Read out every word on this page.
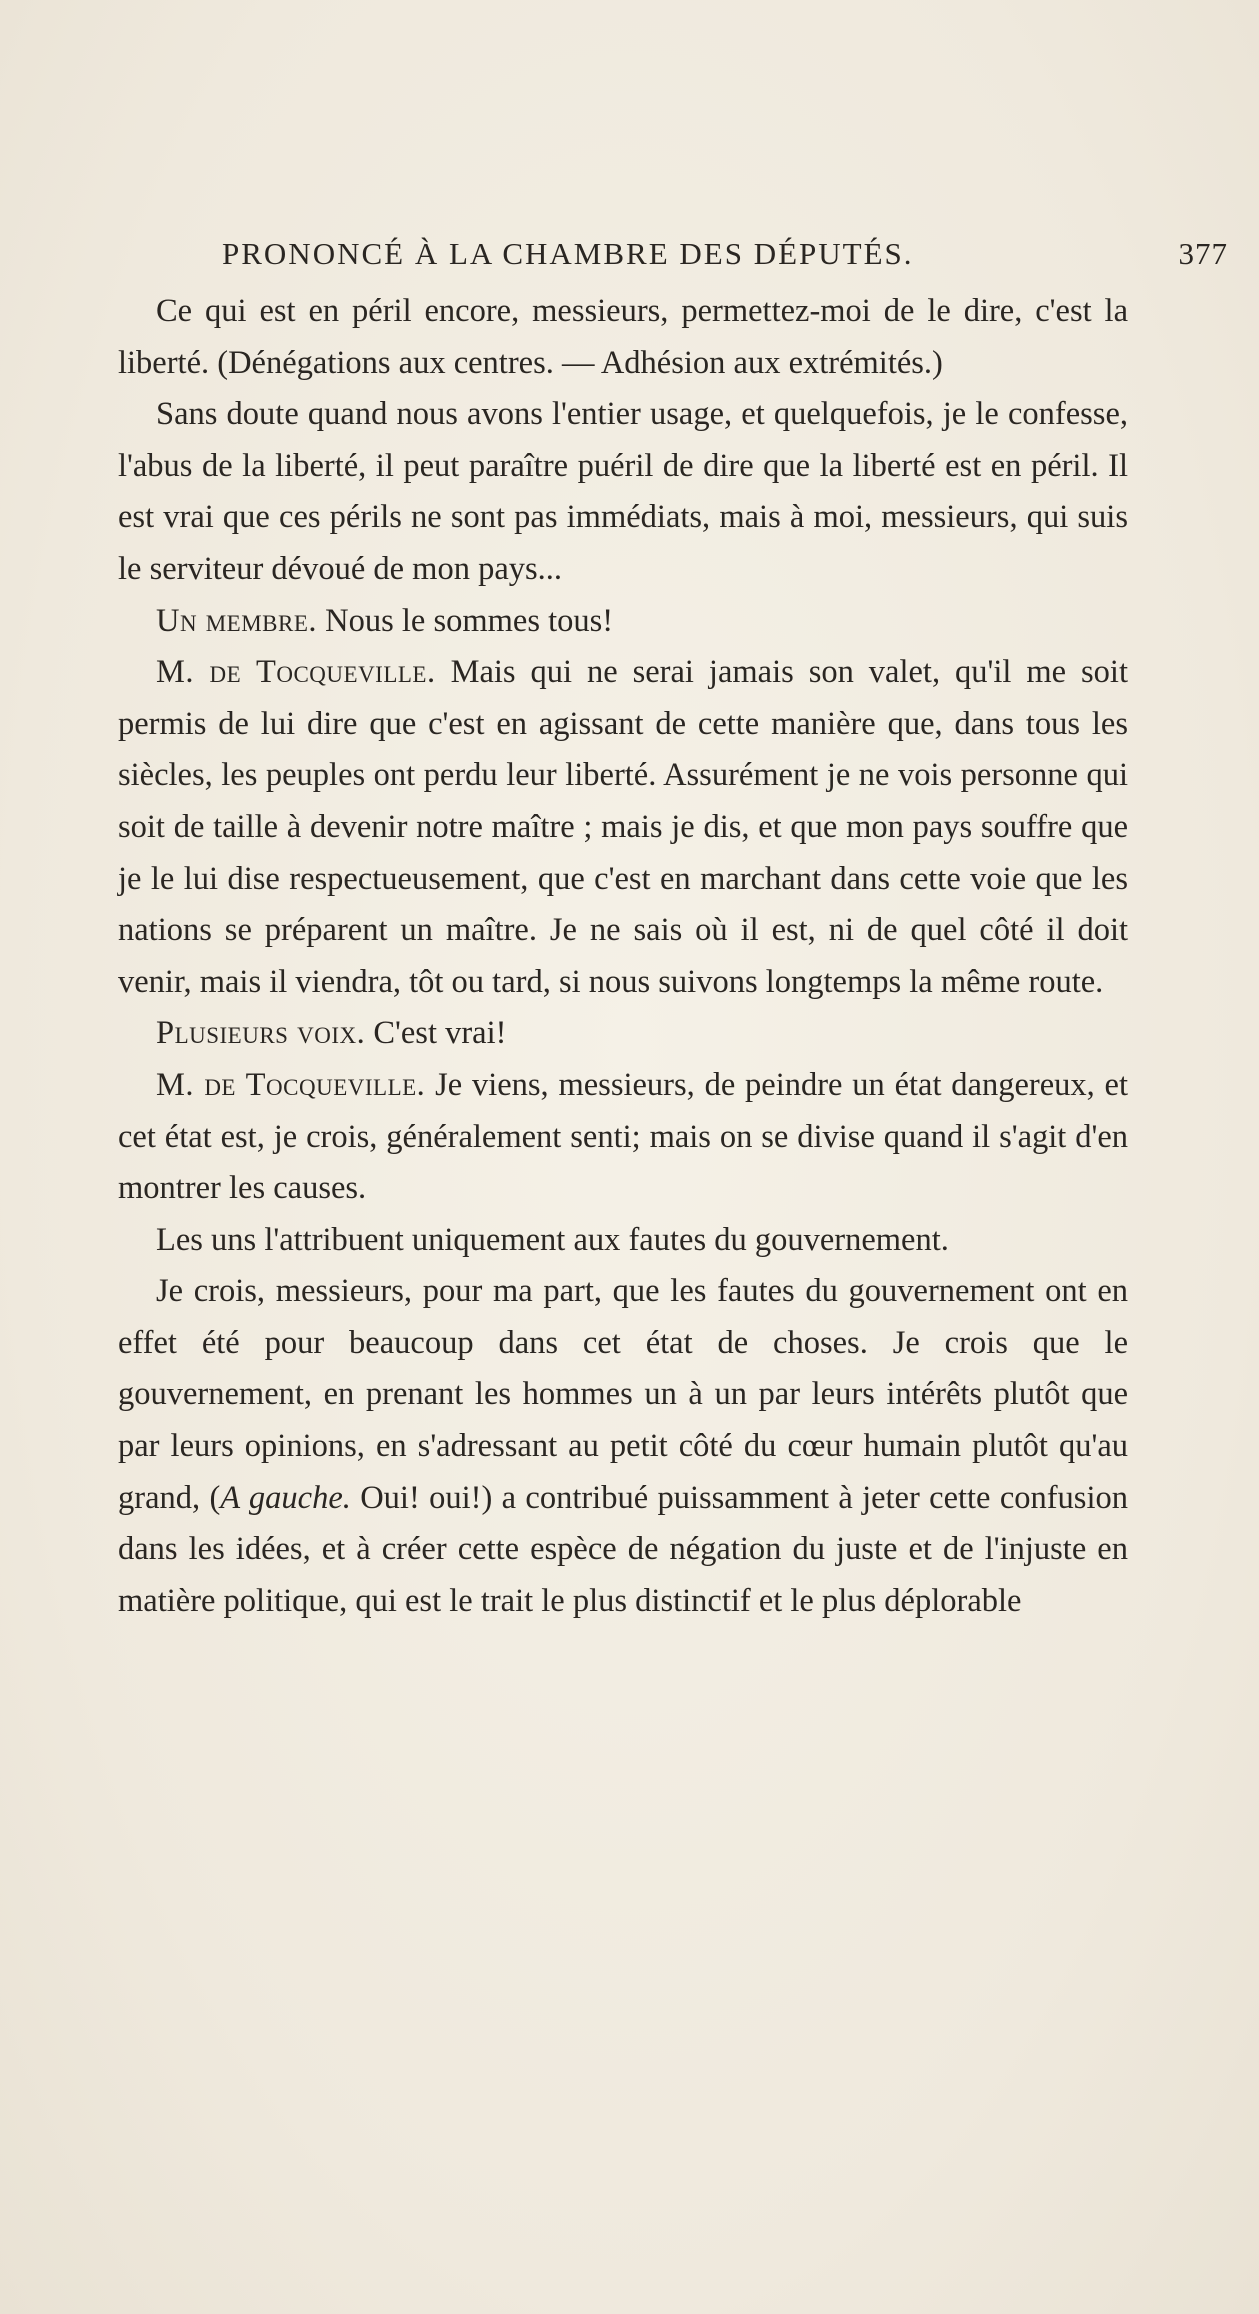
PRONONCÉ À LA CHAMBRE DES DÉPUTÉS.	377

Ce qui est en péril encore, messieurs, permettez-moi de le dire, c'est la liberté. (Dénégations aux centres. — Adhésion aux extrémités.)

Sans doute quand nous avons l'entier usage, et quelquefois, je le confesse, l'abus de la liberté, il peut paraître puéril de dire que la liberté est en péril. Il est vrai que ces périls ne sont pas immédiats, mais à moi, messieurs, qui suis le serviteur dévoué de mon pays...

Un membre. Nous le sommes tous!

M. de Tocqueville. Mais qui ne serai jamais son valet, qu'il me soit permis de lui dire que c'est en agissant de cette manière que, dans tous les siècles, les peuples ont perdu leur liberté. Assurément je ne vois personne qui soit de taille à devenir notre maître ; mais je dis, et que mon pays souffre que je le lui dise respectueusement, que c'est en marchant dans cette voie que les nations se préparent un maître. Je ne sais où il est, ni de quel côté il doit venir, mais il viendra, tôt ou tard, si nous suivons longtemps la même route.

Plusieurs voix. C'est vrai!

M. de Tocqueville. Je viens, messieurs, de peindre un état dangereux, et cet état est, je crois, généralement senti; mais on se divise quand il s'agit d'en montrer les causes.

Les uns l'attribuent uniquement aux fautes du gouvernement.

Je crois, messieurs, pour ma part, que les fautes du gouvernement ont en effet été pour beaucoup dans cet état de choses. Je crois que le gouvernement, en prenant les hommes un à un par leurs intérêts plutôt que par leurs opinions, en s'adressant au petit côté du cœur humain plutôt qu'au grand, (A gauche. Oui! oui!) a contribué puissamment à jeter cette confusion dans les idées, et à créer cette espèce de négation du juste et de l'injuste en matière politique, qui est le trait le plus distinctif et le plus déplorable
